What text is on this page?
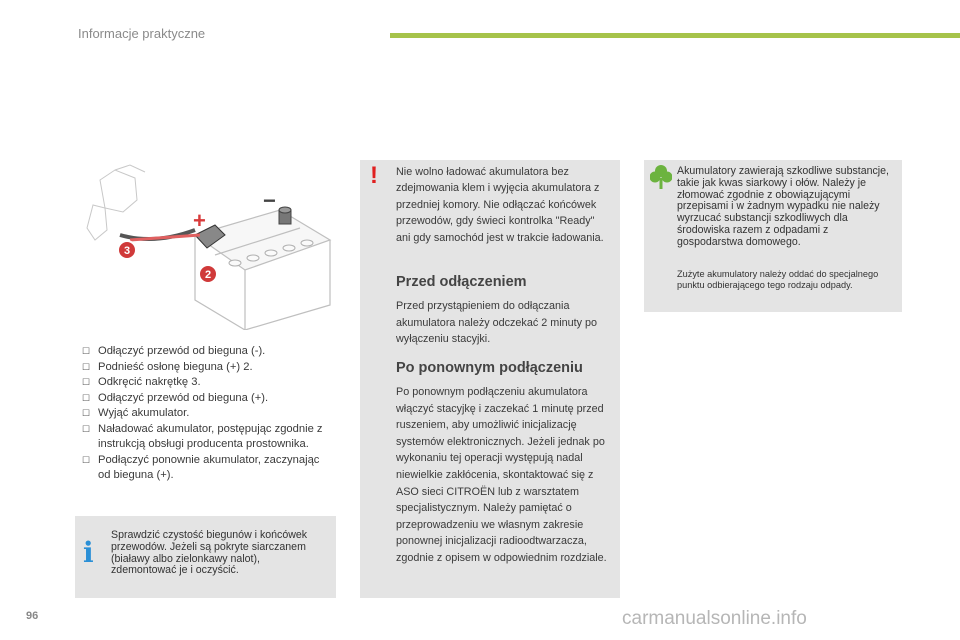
Informacje praktyczne
+
−
3
2

☐ Odłączyć przewód od bieguna (-).

☐ Podnieść osłonę bieguna (+) 2.

☐ Odkręcić nakrętkę 3.

☐ Odłączyć przewód od bieguna (+).

☐ Wyjąć akumulator.

☐ Naładować akumulator, postępując zgodnie z instrukcją obsługi producenta prostownika.

☐ Podłączyć ponownie akumulator, zaczynając od bieguna (+).

i
Sprawdzić czystość biegunów i końcówek przewodów. Jeżeli są pokryte siarczanem (białawy albo zielonkawy nalot), zdemontować je i oczyścić.
! Nie wolno ładować akumulatora bez zdejmowania klem i wyjęcia akumulatora z przedniej komory. Nie odłączać końcówek przewodów, gdy świeci kontrolka "Ready" ani gdy samochód jest w trakcie ładowania.
Przed odłączeniem
Przed przystąpieniem do odłączania akumulatora należy odczekać 2 minuty po wyłączeniu stacyjki.
Po ponownym podłączeniu
Po ponownym podłączeniu akumulatora włączyć stacyjkę i zaczekać 1 minutę przed ruszeniem, aby umożliwić inicjalizację systemów elektronicznych. Jeżeli jednak po wykonaniu tej operacji występują nadal niewielkie zakłócenia, skontaktować się z ASO sieci CITROËN lub z warsztatem specjalistycznym. Należy pamiętać o przeprowadzeniu we własnym zakresie ponownej inicjalizacji radioodtwarzacza, zgodnie z opisem w odpowiednim rozdziale.
Akumulatory zawierają szkodliwe substancje, takie jak kwas siarkowy i ołów. Należy je złomować zgodnie z obowiązującymi przepisami i w żadnym wypadku nie należy wyrzucać substancji szkodliwych dla środowiska razem z odpadami z gospodarstwa domowego.
Zużyte akumulatory należy oddać do specjalnego punktu odbierającego tego rodzaju odpady.
96	carmanualsonline.info
